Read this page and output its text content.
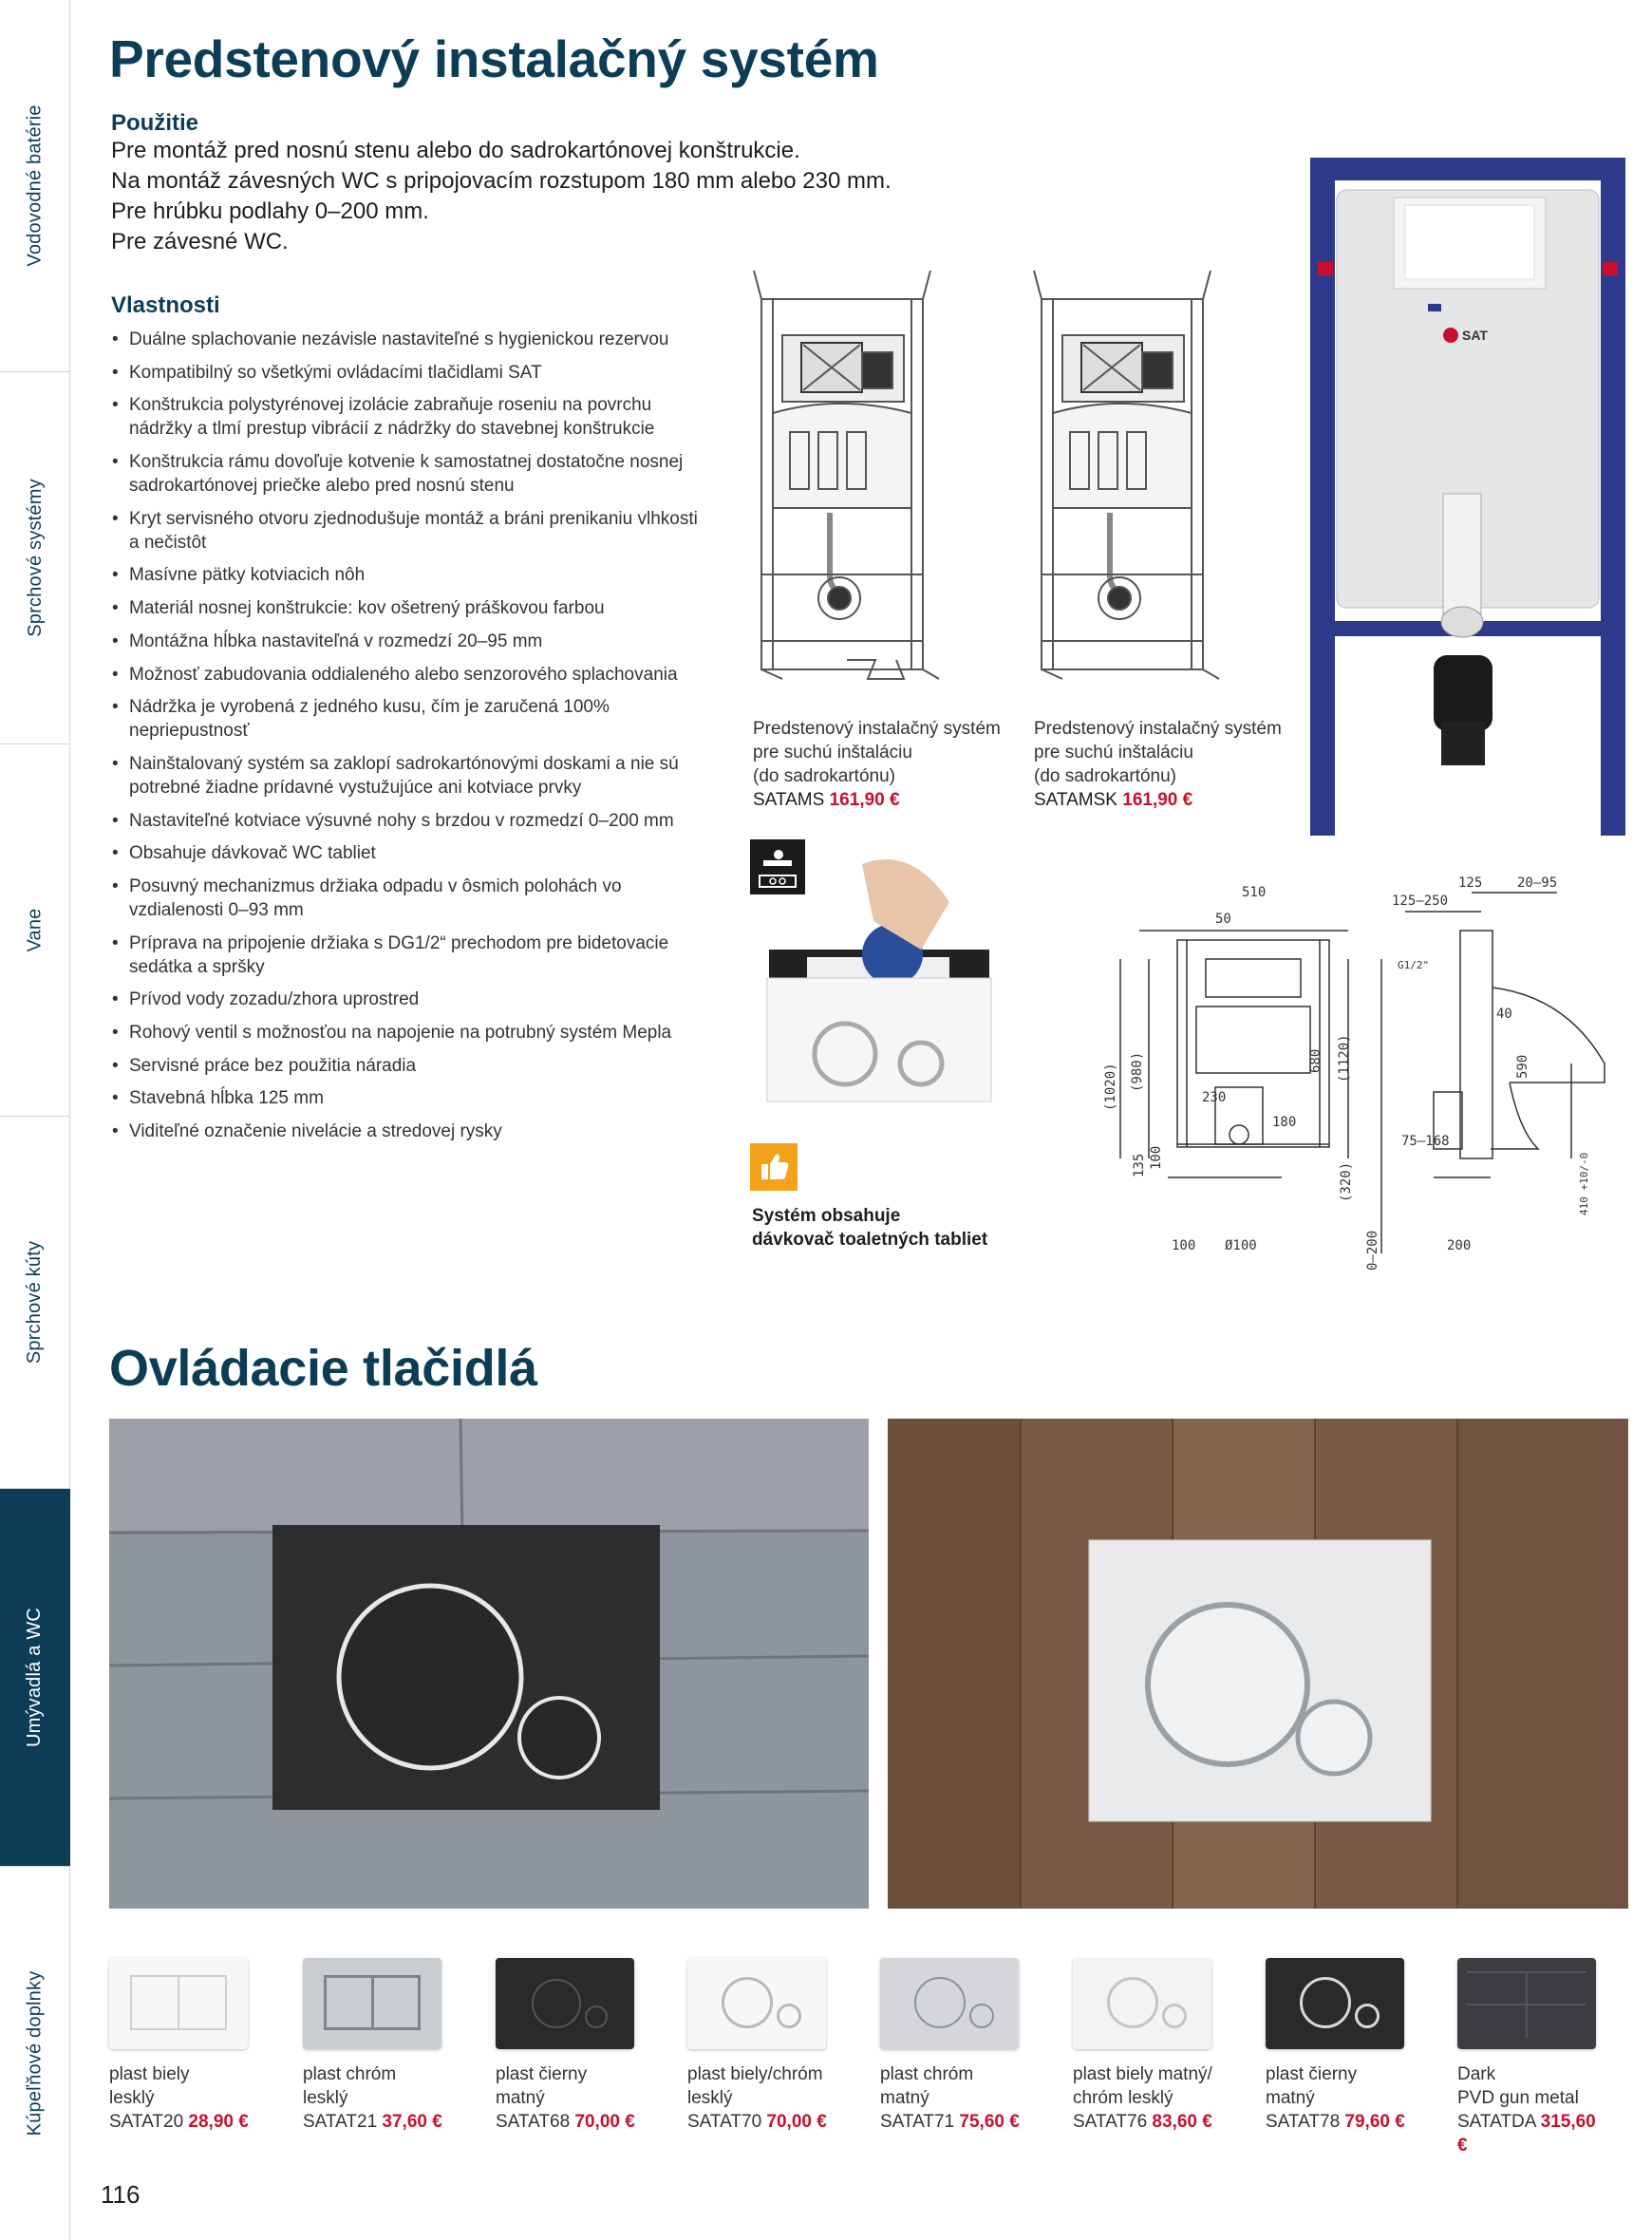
Vodovodné batérie
Sprchové systémy
Vane
Sprchové kúty
Umývadlá a WC
Kúpeľňové doplnky
Predstenový instalačný systém
Použitie
Pre montáž pred nosnú stenu alebo do sadrokartónovej konštrukcie.
Na montáž závesných WC s pripojovacím rozstupom 180 mm alebo 230 mm.
Pre hrúbku podlahy 0–200 mm.
Pre závesné WC.
Vlastnosti
• Duálne splachovanie nezávisle nastaviteľné s hygienickou rezervou
• Kompatibilný so všetkými ovládacími tlačidlami SAT
• Konštrukcia polystyrénovej izolácie zabraňuje roseniu na povrchu nádržky a tlmí prestup vibrácií z nádržky do stavebnej konštrukcie
• Konštrukcia rámu dovoľuje kotvenie k samostatnej dostatočne nosnej sadrokartónovej priečke alebo pred nosnú stenu
• Kryt servisného otvoru zjednodušuje montáž a bráni prenikaniu vlhkosti a nečistôt
• Masívne pätky kotviacich nôh
• Materiál nosnej konštrukcie: kov ošetrený práškovou farbou
• Montážna hĺbka nastaviteľná v rozmedzí 20–95 mm
• Možnosť zabudovania oddialeného alebo senzorového splachovania
• Nádržka je vyrobená z jedného kusu, čím je zaručená 100% nepriepustnosť
• Nainštalovaný systém sa zaklopí sadrokartónovými doskami a nie sú potrebné žiadne prídavné vystužujúce ani kotviace prvky
• Nastaviteľné kotviace výsuvné nohy s brzdou v rozmedzí 0–200 mm
• Obsahuje dávkovač WC tabliet
• Posuvný mechanizmus držiaka odpadu v ôsmich polohách vo vzdialenosti 0–93 mm
• Príprava na pripojenie držiaka s DG1/2“ prechodom pre bidetovacie sedátka a spršky
• Prívod vody zozadu/zhora uprostred
• Rohový ventil s možnosťou na napojenie na potrubný systém Mepla
• Servisné práce bez použitia náradia
• Stavebná hĺbka 125 mm
• Viditeľné označenie nivelácie a stredovej rysky
Predstenový instalačný systém
pre suchú inštaláciu
(do sadrokartónu)
SATAMS 161,90 €
Predstenový instalačný systém
pre suchú inštaláciu
(do sadrokartónu)
SATAMSK 161,90 €
SAT
Systém obsahuje
dávkovač toaletných tabliet
510
50
(1020) (980)
230
180
135 100
680 (1120)
(320)
0–200
100 Ø100
125–250
125	20–95
G1/2"
40
590
75–168
410 +10/-0
200
Ovládacie tlačidlá
plast biely
lesklý
SATAT20 28,90 €
plast chróm
lesklý
SATAT21 37,60 €
plast čierny
matný
SATAT68 70,00 €
plast biely/chróm
lesklý
SATAT70 70,00 €
plast chróm
matný
SATAT71 75,60 €
plast biely matný/
chróm lesklý
SATAT76 83,60 €
plast čierny
matný
SATAT78 79,60 €
Dark
PVD gun metal
SATATDA 315,60 €
116
